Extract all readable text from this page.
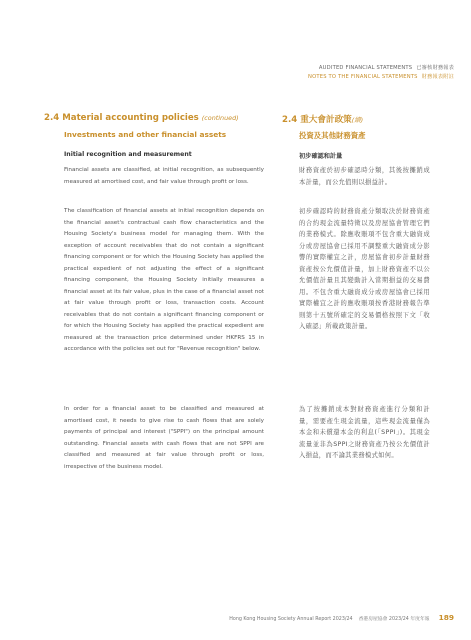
AUDITED FINANCIAL STATEMENTS 已審核財務報表
NOTES TO THE FINANCIAL STATEMENTS 財務報表附註
2.4 Material accounting policies (continued)
Investments and other financial assets
Initial recognition and measurement
Financial assets are classified, at initial recognition, as subsequently measured at amortised cost, and fair value through profit or loss.
The classification of financial assets at initial recognition depends on the financial asset's contractual cash flow characteristics and the Housing Society's business model for managing them. With the exception of account receivables that do not contain a significant financing component or for which the Housing Society has applied the practical expedient of not adjusting the effect of a significant financing component, the Housing Society initially measures a financial asset at its fair value, plus in the case of a financial asset not at fair value through profit or loss, transaction costs. Account receivables that do not contain a significant financing component or for which the Housing Society has applied the practical expedient are measured at the transaction price determined under HKFRS 15 in accordance with the policies set out for "Revenue recognition" below.
In order for a financial asset to be classified and measured at amortised cost, it needs to give rise to cash flows that are solely payments of principal and interest ("SPPI") on the principal amount outstanding. Financial assets with cash flows that are not SPPI are classified and measured at fair value through profit or loss, irrespective of the business model.
2.4 重大會計政策(續)
投資及其他財務資產
初步確認和計量
財務資產於初步確認時分類，其後按攤銷成本計量，而公允值則以損益計。
初步確認時的財務資產分類取決於財務資產的合約現金流量特徵以及房屋協會管理它們的業務模式。除應收賬項不包含重大融資成分或房屋協會已採用不調整重大融資成分影響的實際權宜之計，房屋協會初步計量財務資產按公允價值計量，加上財務資產不以公允價值計量且其變動計入當期損益的交易費用。不包含重大融資成分或房屋協會已採用實際權宜之計的應收賬項按香港財務報告準則第十五號所確定的交易價格按照下文「收入確認」所載政策計量。
為了按攤銷成本對財務資產進行分類和計量，需要產生現金流量，這些現金流量僅為本金和未償還本金的利息(「SPPI」)。其現金流量並非為SPPI之財務資產乃按公允價值計入損益，而不論其業務模式如何。
Hong Kong Housing Society Annual Report 2023/24 香港房屋協會 2023/24 年度年報 189
